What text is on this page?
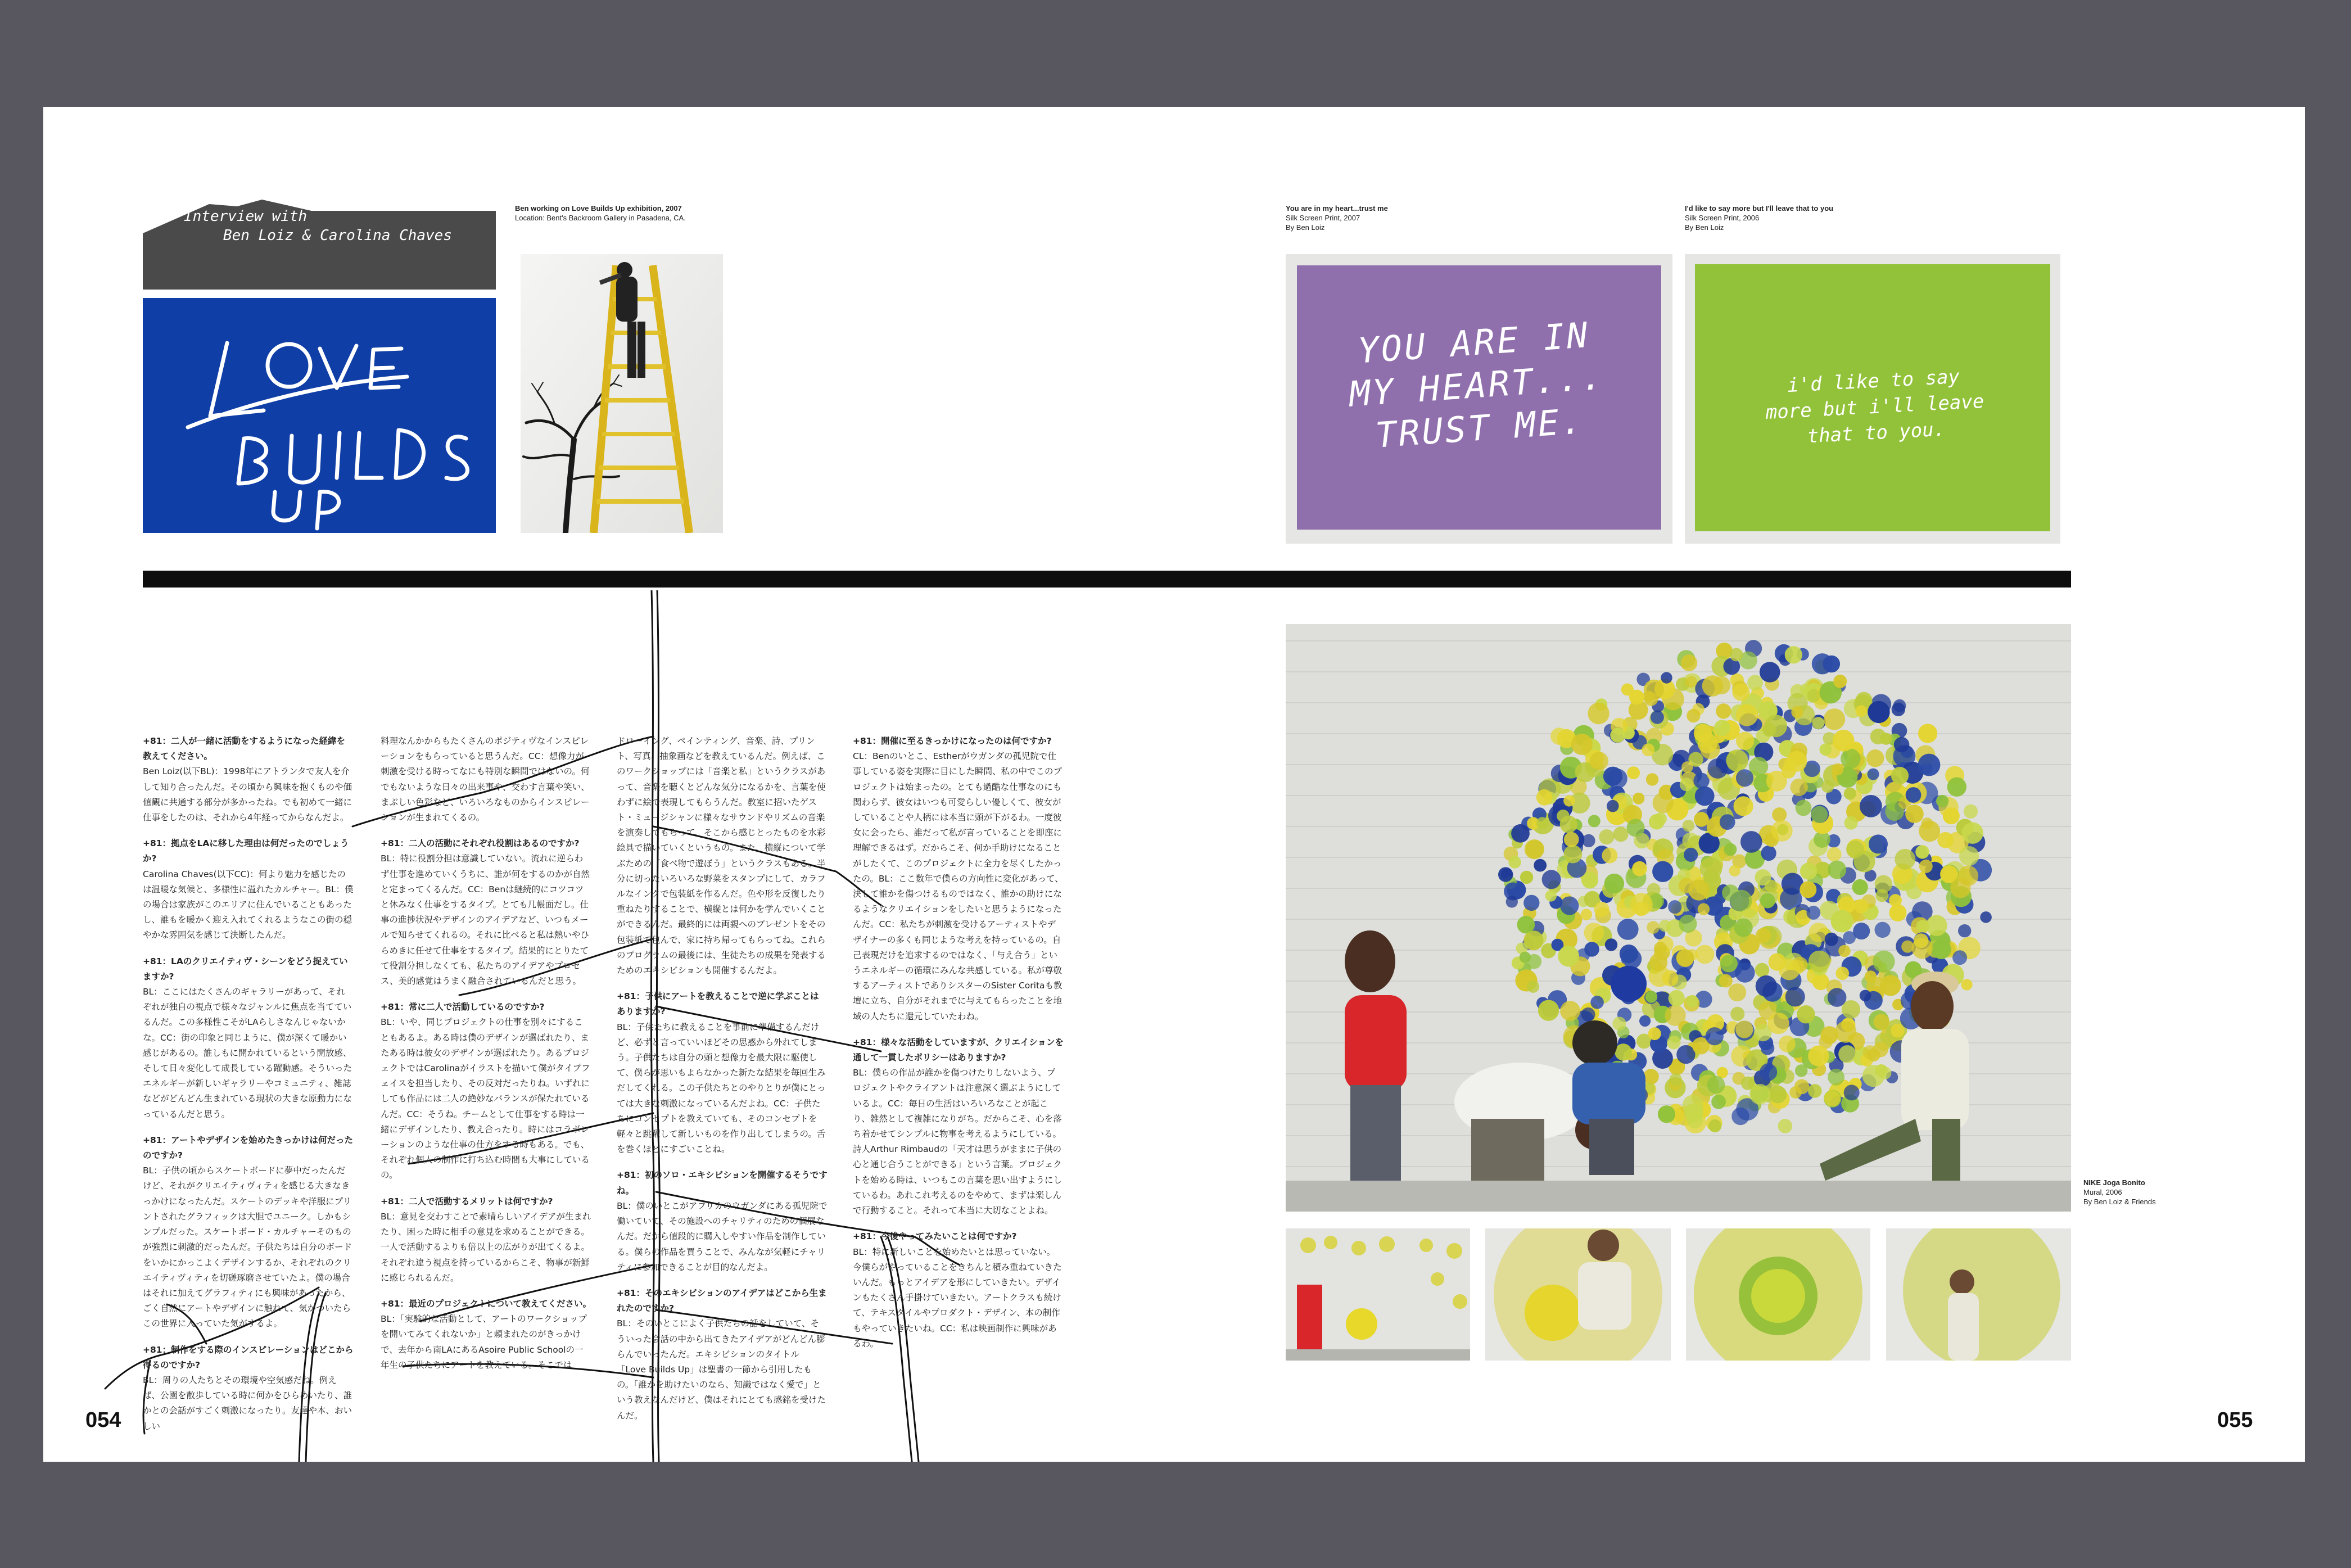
Interview with
Ben Loiz & Carolina Chaves
Ben working on Love Builds Up exhibition, 2007
Location: Bent's Backroom Gallery in Pasadena, CA.
You are in my heart...trust me
Silk Screen Print, 2007
By Ben Loiz
YOU ARE IN MY HEART... TRUST ME.
I'd like to say more but I'll leave that to you
Silk Screen Print, 2006
By Ben Loiz
i'd like to say more but i'll leave that to you.

+81：二人が一緒に活動をするようになった経緯を教えてください。
Ben Loiz(以下BL)：1998年にアトランタで友人を介して知り合ったんだ。その頃から興味を抱くものや価値観に共通する部分が多かったね。でも初めて一緒に仕事をしたのは、それから4年経ってからなんだよ。

+81：拠点をLAに移した理由は何だったのでしょうか?
Carolina Chaves(以下CC)：何より魅力を感じたのは温暖な気候と、多様性に溢れたカルチャー。BL：僕の場合は家族がこのエリアに住んでいることもあったし、誰もを暖かく迎え入れてくれるようなこの街の穏やかな雰囲気を感じて決断したんだ。

+81：LAのクリエイティヴ・シーンをどう捉えていますか?
BL：ここにはたくさんのギャラリーがあって、それぞれが独自の視点で様々なジャンルに焦点を当てているんだ。この多様性こそがLAらしさなんじゃないかな。CC：街の印象と同じように、僕が深くて暖かい感じがあるの。誰しもに開かれているという開放感、そして日々変化して成長している躍動感。そういったエネルギーが新しいギャラリーやコミュニティ、雑誌などがどんどん生まれている現状の大きな原動力になっているんだと思う。

+81：アートやデザインを始めたきっかけは何だったのですか?
BL：子供の頃からスケートボードに夢中だったんだけど、それがクリエイティヴィティを感じる大きなきっかけになったんだ。スケートのデッキや洋服にプリントされたグラフィックは大胆でユニーク。しかもシンプルだった。スケートボード・カルチャーそのものが強烈に刺激的だったんだ。子供たちは自分のボードをいかにかっこよくデザインするか、それぞれのクリエイティヴィティを切磋琢磨させていたよ。僕の場合はそれに加えてグラフィティにも興味があったから、ごく自然にアートやデザインに触れて、気がついたらこの世界に入っていた気がするよ。

+81：制作をする際のインスピレーションはどこから得るのですか?
BL：周りの人たちとその環境や空気感だね。例えば、公園を散歩している時に何かをひらめいたり、誰かとの会話がすごく刺激になったり。友達や本、おいしい

料理なんかからもたくさんのポジティヴなインスピレーションをもらっていると思うんだ。CC：想像力が刺激を受ける時ってなにも特別な瞬間ではないの。何でもないような日々の出来事や、交わす言葉や笑い、まぶしい色彩など、いろいろなものからインスピレーションが生まれてくるの。

+81：二人の活動にそれぞれ役割はあるのですか?
BL：特に役割分担は意識していない。流れに逆らわず仕事を進めていくうちに、誰が何をするのかが自然と定まってくるんだ。CC：Benは継続的にコツコツと休みなく仕事をするタイプ。とても几帳面だし。仕事の進捗状況やデザインのアイデアなど、いつもメールで知らせてくれるの。それに比べると私は熱いやひらめきに任せて仕事をするタイプ。結果的にとりたてて役割分担しなくても、私たちのアイデアやプロセス、美的感覚はうまく融合されているんだと思う。

+81：常に二人で活動しているのですか?
BL：いや、同じプロジェクトの仕事を別々にすることもあるよ。ある時は僕のデザインが選ばれたり、またある時は彼女のデザインが選ばれたり。あるプロジェクトではCarolinaがイラストを描いて僕がタイプフェイスを担当したり、その反対だったりね。いずれにしても作品には二人の絶妙なバランスが保たれているんだ。CC：そうね。チームとして仕事をする時は一緒にデザインしたり、教え合ったり。時にはコラボレーションのような仕事の仕方をする時もある。でも、それぞれ個人の制作に打ち込む時間も大事にしているの。

+81：二人で活動するメリットは何ですか?
BL：意見を交わすことで素晴らしいアイデアが生まれたり、困った時に相手の意見を求めることができる。一人で活動するよりも倍以上の広がりが出てくるよ。それぞれ違う視点を持っているからこそ、物事が新鮮に感じられるんだ。

+81：最近のプロジェクトについて教えてください。
BL：「実験的な活動として、アートのワークショップを開いてみてくれないか」と頼まれたのがきっかけで、去年から南LAにあるAsoire Public Schoolの一年生の子供たちにアートを教えている。そこでは

ドローイング、ペインティング、音楽、詩、プリント、写真、抽象画などを教えているんだ。例えば、このワークショップには「音楽と私」というクラスがあって、音楽を聴くとどんな気分になるかを、言葉を使わずに絵で表現してもらうんだ。教室に招いたゲスト・ミュージシャンに様々なサウンドやリズムの音楽を演奏してもらって、そこから感じとったものを水彩絵具で描いていくというもの。また、横縦について学ぶための「食べ物で遊ぼう」というクラスもある。半分に切ったいろいろな野菜をスタンプにして、カラフルなインクで包装紙を作るんだ。色や形を反復したり重ねたりすることで、横縦とは何かを学んでいくことができるんだ。最終的には両親へのプレゼントをその包装紙で包んで、家に持ち帰ってもらってね。これらのプログラムの最後には、生徒たちの成果を発表するためのエキシビションも開催するんだよ。

+81：子供にアートを教えることで逆に学ぶことはありますか?
BL：子供たちに教えることを事前に準備するんだけど、必ずと言っていいほどその思惑から外れてしまう。子供たちは自分の頭と想像力を最大限に駆使して、僕らが思いもよらなかった新たな結果を毎回生みだしてくれる。この子供たちとのやりとりが僕にとっては大きな刺激になっているんだよね。CC：子供たちにコンセプトを教えていても、そのコンセプトを軽々と跳躍して新しいものを作り出してしまうの。舌を巻くほどにすごいことね。

+81：初のソロ・エキシビションを開催するそうですね。
BL：僕のいとこがアフリカのウガンダにある孤児院で働いていて、その施設へのチャリティのための個展なんだ。だから値段的に購入しやすい作品を制作している。僕らの作品を買うことで、みんなが気軽にチャリティに参加できることが目的なんだよ。

+81：そのエキシビションのアイデアはどこから生まれたのですか?
BL：そのいとこによく子供たちの話をしていて、そういった会話の中から出てきたアイデアがどんどん膨らんでいったんだ。エキシビションのタイトル「Love Builds Up」は聖書の一節から引用したもの。「誰かを助けたいのなら、知識ではなく愛で」という教えなんだけど、僕はそれにとても感銘を受けたんだ。

+81：開催に至るきっかけになったのは何ですか?
CL：Benのいとこ、Estherがウガンダの孤児院で仕事している姿を実際に目にした瞬間、私の中でこのプロジェクトは始まったの。とても過酷な仕事なのにも関わらず、彼女はいつも可愛らしい優しくて、彼女がしていることや人柄には本当に頭が下がるわ。一度彼女に会ったら、誰だって私が言っていることを即座に理解できるはず。だからこそ、何か手助けになることがしたくて、このプロジェクトに全力を尽くしたかったの。BL：ここ数年で僕らの方向性に変化があって、決して誰かを傷つけるものではなく、誰かの助けになるようなクリエイションをしたいと思うようになったんだ。CC：私たちが刺激を受けるアーティストやデザイナーの多くも同じような考えを持っているの。自己表現だけを追求するのではなく、「与え合う」というエネルギーの循環にみんな共感している。私が尊敬するアーティストでありシスターのSister Coritaも教壇に立ち、自分がそれまでに与えてもらったことを地域の人たちに還元していたわね。

+81：様々な活動をしていますが、クリエイションを通して一貫したポリシーはありますか?
BL：僕らの作品が誰かを傷つけたりしないよう、プロジェクトやクライアントは注意深く選ぶようにしているよ。CC：毎日の生活はいろいろなことが起こり、雑然として複雑になりがち。だからこそ、心を落ち着かせてシンプルに物事を考えるようにしている。詩人Arthur Rimbaudの「天才は思うがままに子供の心と通じ合うことができる」という言葉。プロジェクトを始める時は、いつもこの言葉を思い出すようにしているわ。あれこれ考えるのをやめて、まずは楽しんで行動すること。それって本当に大切なことよね。

+81：今後やってみたいことは何ですか?
BL：特に新しいことを始めたいとは思っていない。今僕らがやっていることをきちんと積み重ねていきたいんだ。もっとアイデアを形にしていきたい。デザインもたくさん手掛けていきたい。アートクラスも続けて、テキスタイルやプロダクト・デザイン、本の制作もやっていきたいね。CC：私は映画制作に興味があるわ。

NIKE Joga Bonito
Mural, 2006
By Ben Loiz & Friends
054	055
